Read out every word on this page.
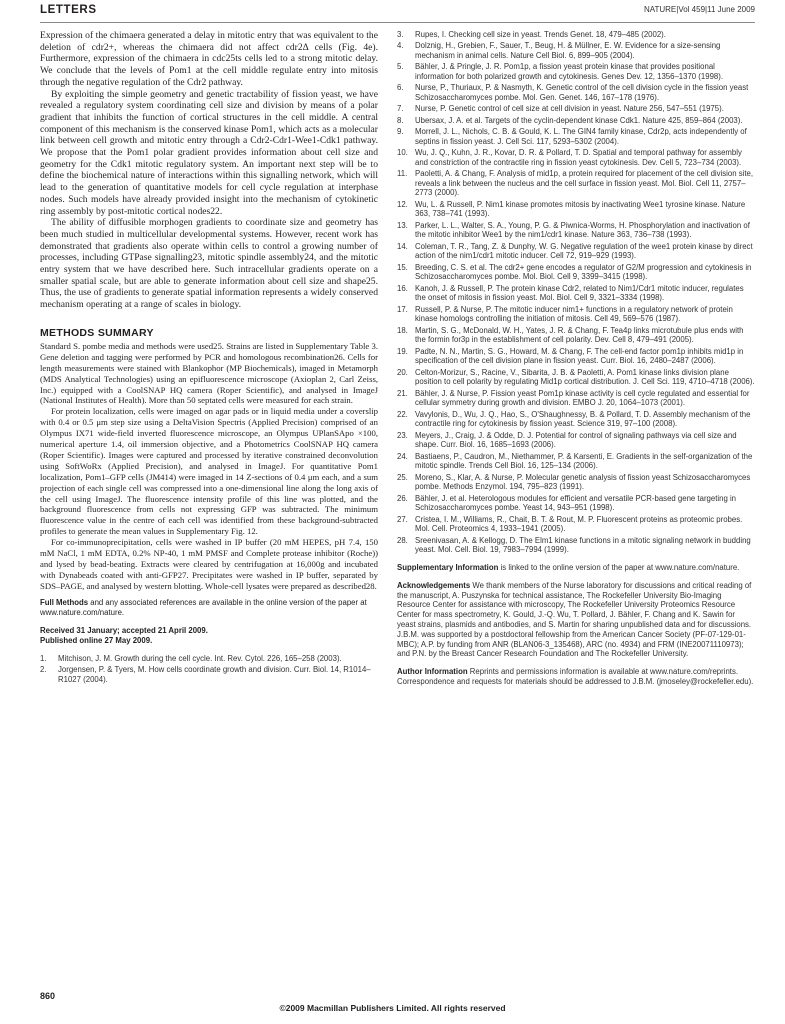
LETTERS	NATURE|Vol 459|11 June 2009

Expression of the chimaera generated a delay in mitotic entry that was equivalent to the deletion of cdr2+, whereas the chimaera did not affect cdr2Δ cells (Fig. 4e). Furthermore, expression of the chimaera in cdc25ts cells led to a strong mitotic delay. We conclude that the levels of Pom1 at the cell middle regulate entry into mitosis through the negative regulation of the Cdr2 pathway.

By exploiting the simple geometry and genetic tractability of fission yeast, we have revealed a regulatory system coordinating cell size and division by means of a polar gradient that inhibits the function of cortical structures in the cell middle. A central component of this mechanism is the conserved kinase Pom1, which acts as a molecular link between cell growth and mitotic entry through a Cdr2-Cdr1-Wee1-Cdk1 pathway. We propose that the Pom1 polar gradient provides information about cell size and geometry for the Cdk1 mitotic regulatory system. An important next step will be to define the biochemical nature of interactions within this signalling network, which will lead to the generation of quantitative models for cell cycle regulation at interphase nodes. Such models have already provided insight into the mechanism of cytokinetic ring assembly by post-mitotic cortical nodes22.

The ability of diffusible morphogen gradients to coordinate size and geometry has been much studied in multicellular developmental systems. However, recent work has demonstrated that gradients also operate within cells to control a growing number of processes, including GTPase signalling23, mitotic spindle assembly24, and the mitotic entry system that we have described here. Such intracellular gradients operate on a smaller spatial scale, but are able to generate information about cell size and shape25. Thus, the use of gradients to generate spatial information represents a widely conserved mechanism operating at a range of scales in biology.

METHODS SUMMARY

Standard S. pombe media and methods were used25. Strains are listed in Supplementary Table 3. Gene deletion and tagging were performed by PCR and homologous recombination26. Cells for length measurements were stained with Blankophor (MP Biochemicals), imaged in Metamorph (MDS Analytical Technologies) using an epifluorescence microscope (Axioplan 2, Carl Zeiss, Inc.) equipped with a CoolSNAP HQ camera (Roper Scientific), and analysed in ImageJ (National Institutes of Health). More than 50 septated cells were measured for each strain.

For protein localization, cells were imaged on agar pads or in liquid media under a coverslip with 0.4 or 0.5 μm step size using a DeltaVision Spectris (Applied Precision) comprised of an Olympus IX71 wide-field inverted fluorescence microscope, an Olympus UPlanSApo ×100, numerical aperture 1.4, oil immersion objective, and a Photometrics CoolSNAP HQ camera (Roper Scientific). Images were captured and processed by iterative constrained deconvolution using SoftWoRx (Applied Precision), and analysed in ImageJ. For quantitative Pom1 localization, Pom1–GFP cells (JM414) were imaged in 14 Z-sections of 0.4 μm each, and a sum projection of each single cell was compressed into a one-dimensional line along the long axis of the cell using ImageJ. The fluorescence intensity profile of this line was plotted, and the background fluorescence from cells not expressing GFP was subtracted. The minimum fluorescence value in the centre of each cell was identified from these background-subtracted profiles to generate the mean values in Supplementary Fig. 12.

For co-immunoprecipitation, cells were washed in IP buffer (20 mM HEPES, pH 7.4, 150 mM NaCl, 1 mM EDTA, 0.2% NP-40, 1 mM PMSF and Complete protease inhibitor (Roche)) and lysed by bead-beating. Extracts were cleared by centrifugation at 16,000g and incubated with Dynabeads coated with anti-GFP27. Precipitates were washed in IP buffer, separated by SDS–PAGE, and analysed by western blotting. Whole-cell lysates were prepared as described28.

Full Methods and any associated references are available in the online version of the paper at www.nature.com/nature.
Received 31 January; accepted 21 April 2009.
Published online 27 May 2009.
1.	Mitchison, J. M. Growth during the cell cycle. Int. Rev. Cytol. 226, 165–258 (2003).
2.	Jorgensen, P. & Tyers, M. How cells coordinate growth and division. Curr. Biol. 14, R1014–R1027 (2004).
3.	Rupes, I. Checking cell size in yeast. Trends Genet. 18, 479–485 (2002).
4.	Dolznig, H., Grebien, F., Sauer, T., Beug, H. & Müllner, E. W. Evidence for a size-sensing mechanism in animal cells. Nature Cell Biol. 6, 899–905 (2004).
5.	Bähler, J. & Pringle, J. R. Pom1p, a fission yeast protein kinase that provides positional information for both polarized growth and cytokinesis. Genes Dev. 12, 1356–1370 (1998).
6.	Nurse, P., Thuriaux, P. & Nasmyth, K. Genetic control of the cell division cycle in the fission yeast Schizosaccharomyces pombe. Mol. Gen. Genet. 146, 167–178 (1976).
7.	Nurse, P. Genetic control of cell size at cell division in yeast. Nature 256, 547–551 (1975).
8.	Ubersax, J. A. et al. Targets of the cyclin-dependent kinase Cdk1. Nature 425, 859–864 (2003).
9.	Morrell, J. L., Nichols, C. B. & Gould, K. L. The GIN4 family kinase, Cdr2p, acts independently of septins in fission yeast. J. Cell Sci. 117, 5293–5302 (2004).
10. Wu, J. Q., Kuhn, J. R., Kovar, D. R. & Pollard, T. D. Spatial and temporal pathway for assembly and constriction of the contractile ring in fission yeast cytokinesis. Dev. Cell 5, 723–734 (2003).
11. Paoletti, A. & Chang, F. Analysis of mid1p, a protein required for placement of the cell division site, reveals a link between the nucleus and the cell surface in fission yeast. Mol. Biol. Cell 11, 2757–2773 (2000).
12. Wu, L. & Russell, P. Nim1 kinase promotes mitosis by inactivating Wee1 tyrosine kinase. Nature 363, 738–741 (1993).
13. Parker, L. L., Walter, S. A., Young, P. G. & Piwnica-Worms, H. Phosphorylation and inactivation of the mitotic inhibitor Wee1 by the nim1/cdr1 kinase. Nature 363, 736–738 (1993).
14. Coleman, T. R., Tang, Z. & Dunphy, W. G. Negative regulation of the wee1 protein kinase by direct action of the nim1/cdr1 mitotic inducer. Cell 72, 919–929 (1993).
15. Breeding, C. S. et al. The cdr2+ gene encodes a regulator of G2/M progression and cytokinesis in Schizosaccharomyces pombe. Mol. Biol. Cell 9, 3399–3415 (1998).
16. Kanoh, J. & Russell, P. The protein kinase Cdr2, related to Nim1/Cdr1 mitotic inducer, regulates the onset of mitosis in fission yeast. Mol. Biol. Cell 9, 3321–3334 (1998).
17. Russell, P. & Nurse, P. The mitotic inducer nim1+ functions in a regulatory network of protein kinase homologs controlling the initiation of mitosis. Cell 49, 569–576 (1987).
18. Martin, S. G., McDonald, W. H., Yates, J. R. & Chang, F. Tea4p links microtubule plus ends with the formin for3p in the establishment of cell polarity. Dev. Cell 8, 479–491 (2005).
19. Padte, N. N., Martin, S. G., Howard, M. & Chang, F. The cell-end factor pom1p inhibits mid1p in specification of the cell division plane in fission yeast. Curr. Biol. 16, 2480–2487 (2006).
20. Celton-Morizur, S., Racine, V., Sibarita, J. B. & Paoletti, A. Pom1 kinase links division plane position to cell polarity by regulating Mid1p cortical distribution. J. Cell Sci. 119, 4710–4718 (2006).
21. Bähler, J. & Nurse, P. Fission yeast Pom1p kinase activity is cell cycle regulated and essential for cellular symmetry during growth and division. EMBO J. 20, 1064–1073 (2001).
22. Vavylonis, D., Wu, J. Q., Hao, S., O'Shaughnessy, B. & Pollard, T. D. Assembly mechanism of the contractile ring for cytokinesis by fission yeast. Science 319, 97–100 (2008).
23. Meyers, J., Craig, J. & Odde, D. J. Potential for control of signaling pathways via cell size and shape. Curr. Biol. 16, 1685–1693 (2006).
24. Bastiaens, P., Caudron, M., Niethammer, P. & Karsenti, E. Gradients in the self-organization of the mitotic spindle. Trends Cell Biol. 16, 125–134 (2006).
25. Moreno, S., Klar, A. & Nurse, P. Molecular genetic analysis of fission yeast Schizosaccharomyces pombe. Methods Enzymol. 194, 795–823 (1991).
26. Bähler, J. et al. Heterologous modules for efficient and versatile PCR-based gene targeting in Schizosaccharomyces pombe. Yeast 14, 943–951 (1998).
27. Cristea, I. M., Williams, R., Chait, B. T. & Rout, M. P. Fluorescent proteins as proteomic probes. Mol. Cell. Proteomics 4, 1933–1941 (2005).
28. Sreenivasan, A. & Kellogg, D. The Elm1 kinase functions in a mitotic signaling network in budding yeast. Mol. Cell. Biol. 19, 7983–7994 (1999).
Supplementary Information is linked to the online version of the paper at www.nature.com/nature.
Acknowledgements We thank members of the Nurse laboratory for discussions and critical reading of the manuscript, A. Puszynska for technical assistance, The Rockefeller University Bio-Imaging Resource Center for assistance with microscopy, The Rockefeller University Proteomics Resource Center for mass spectrometry, K. Gould, J.-Q. Wu, T. Pollard, J. Bähler, F. Chang and K. Sawin for yeast strains, plasmids and antibodies, and S. Martin for sharing unpublished data and for discussions. J.B.M. was supported by a postdoctoral fellowship from the American Cancer Society (PF-07-129-01-MBC); A.P. by funding from ANR (BLAN06-3_135468), ARC (no. 4934) and FRM (INE20071110973); and P.N. by the Breast Cancer Research Foundation and The Rockefeller University.
Author Information Reprints and permissions information is available at www.nature.com/reprints. Correspondence and requests for materials should be addressed to J.B.M. (jmoseley@rockefeller.edu).
860
©2009 Macmillan Publishers Limited. All rights reserved
